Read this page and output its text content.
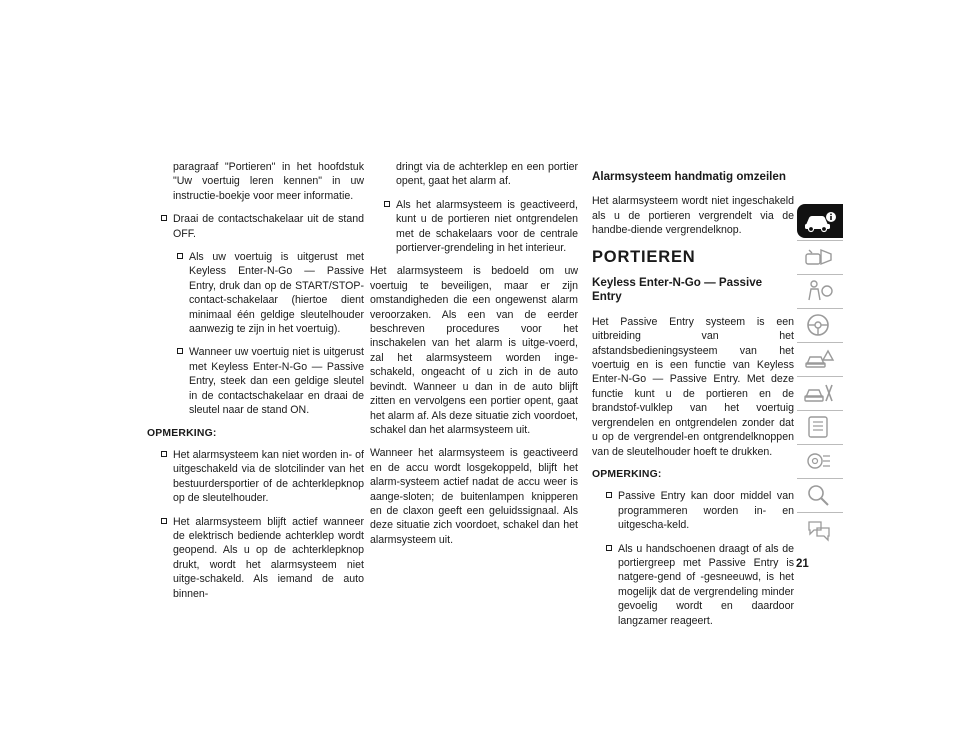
paragraaf "Portieren" in het hoofdstuk "Uw voertuig leren kennen" in uw instructie-boekje voor meer informatie.

Draai de contactschakelaar uit de stand OFF.
Als uw voertuig is uitgerust met Keyless Enter-N-Go — Passive Entry, druk dan op de START/STOP-contact-schakelaar (hiertoe dient minimaal één geldige sleutelhouder aanwezig te zijn in het voertuig).
Wanneer uw voertuig niet is uitgerust met Keyless Enter-N-Go — Passive Entry, steek dan een geldige sleutel in de contactschakelaar en draai de sleutel naar de stand ON.

OPMERKING:

Het alarmsysteem kan niet worden in- of uitgeschakeld via de slotcilinder van het bestuurdersportier of de achterklepknop op de sleutelhouder.
Het alarmsysteem blijft actief wanneer de elektrisch bediende achterklep wordt geopend. Als u op de achterklepknop drukt, wordt het alarmsysteem niet uitge-schakeld. Als iemand de auto binnen-

dringt via de achterklep en een portier opent, gaat het alarm af.

Als het alarmsysteem is geactiveerd, kunt u de portieren niet ontgrendelen met de schakelaars voor de centrale portierver-grendeling in het interieur.

Het alarmsysteem is bedoeld om uw voertuig te beveiligen, maar er zijn omstandigheden die een ongewenst alarm veroorzaken. Als een van de eerder beschreven procedures voor het inschakelen van het alarm is uitge-voerd, zal het alarmsysteem worden inge-schakeld, ongeacht of u zich in de auto bevindt. Wanneer u dan in de auto blijft zitten en vervolgens een portier opent, gaat het alarm af. Als deze situatie zich voordoet, schakel dan het alarmsysteem uit.

Wanneer het alarmsysteem is geactiveerd en de accu wordt losgekoppeld, blijft het alarm-systeem actief nadat de accu weer is aange-sloten; de buitenlampen knipperen en de claxon geeft een geluidssignaal. Als deze situatie zich voordoet, schakel dan het alarmsysteem uit.

Alarmsysteem handmatig omzeilen

Het alarmsysteem wordt niet ingeschakeld als u de portieren vergrendelt via de handbe-diende vergrendelknop.

PORTIEREN

Keyless Enter-N-Go — Passive Entry

Het Passive Entry systeem is een uitbreiding van het afstandsbedieningsysteem van het voertuig en is een functie van Keyless Enter-N-Go — Passive Entry. Met deze functie kunt u de portieren en de brandstof-vulklep van het voertuig vergrendelen en ontgrendelen zonder dat u op de vergrendel-en ontgrendelknoppen van de sleutelhouder hoeft te drukken.

OPMERKING:

Passive Entry kan door middel van programmeren worden in- en uitgescha-keld.
Als u handschoenen draagt of als de portiergreep met Passive Entry is natgere-gend of -gesneeuwd, is het mogelijk dat de vergrendeling minder gevoelig wordt en daardoor langzamer reageert.
21
